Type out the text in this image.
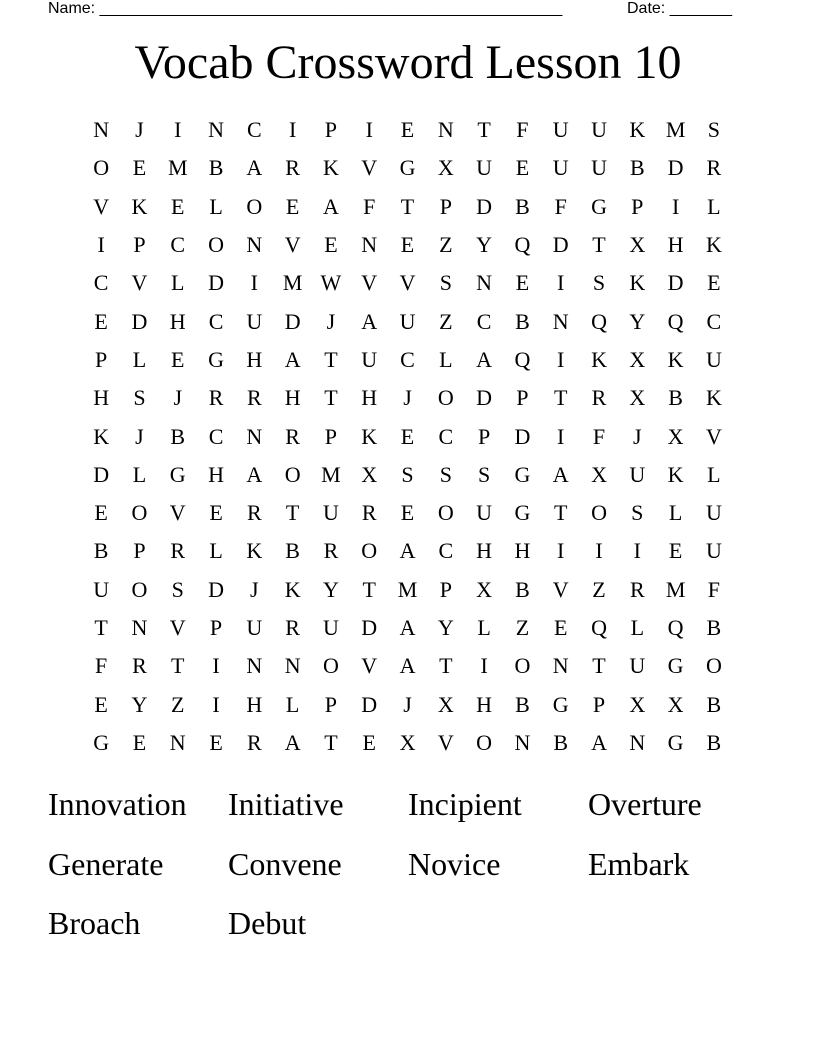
Name: ____________________________________________________	Date: _______
Vocab Crossword Lesson 10
N	J	I	N	C	I	P	I	E	N	T	F	U	U	K M	S
O	E M B	A	R	K	V	G	X	U	E	U	U	B	D	R
V	K	E	L	O	E	A	F	T	P	D	B	F	G	P	I	L
I	P	C	O	N	V	E	N	E	Z	Y	Q	D	T	X	H	K
C	V	L	D	I	M W V	V	S	N	E	I	S	K	D	E
E	D	H	C	U	D	J	A	U	Z	C	B	N	Q	Y	Q	C
P	L	E	G	H	A	T	U	C	L	A	Q	I	K	X	K	U
H	S	J	R	R	H	T	H	J	O	D	P	T	R	X	B	K
K	J	B	C	N	R	P	K	E	C	P	D	I	F	J	X	V
D	L	G	H	A	O M X	S	S	S	G	A	X	U	K	L
E	O	V	E	R	T	U	R	E	O	U	G	T	O	S	L	U
B	P	R	L	K	B	R	O	A	C	H	H	I	I	I	E	U
U	O	S	D	J	K	Y	T M	P	X	B	V	Z	R M	F
T	N	V	P	U	R	U	D	A	Y	L	Z	E	Q	L	Q	B
F	R	T	I	N	N	O	V	A	T	I	O	N	T	U	G	O
E	Y	Z	I	H	L	P	D	J	X	H	B	G	P	X	X	B
G	E	N	E	R	A	T	E	X	V	O	N	B	A	N	G	B
Innovation	Initiative	Incipient	Overture
Generate	Convene	Novice	Embark
Broach	Debut
